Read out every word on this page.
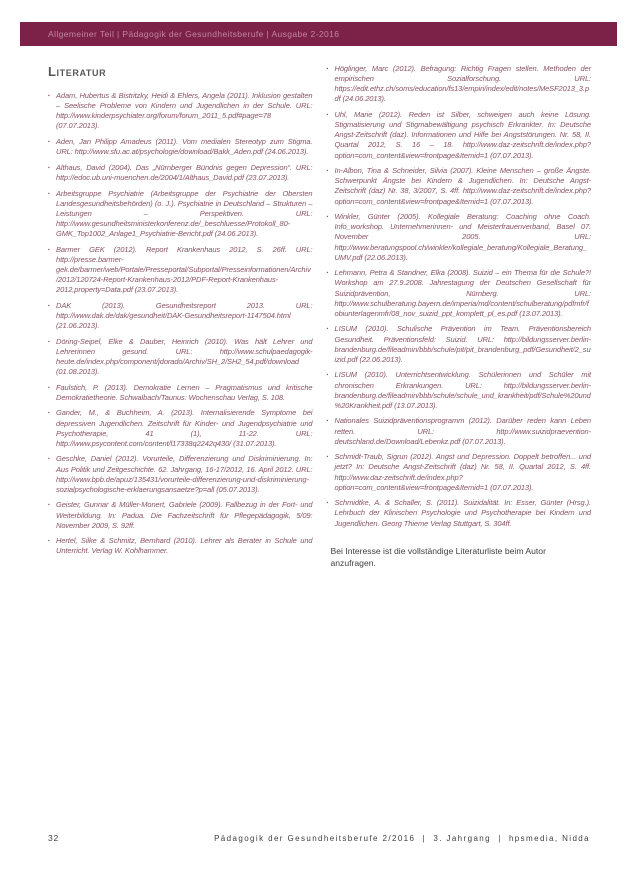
Allgemeiner Teil | Pädagogik der Gesundheitsberufe | Ausgabe 2-2016
Literatur
▪ Adam, Hubertus & Bistritzky, Heidi & Ehlers, Angela (2011). Inklusion gestalten – Seelische Probleme von Kindern und Jugendlichen in der Schule. URL: http://www.kinderpsychiater.org/forum/forum_2011_5.pdf#page=78 (07.07.2013).
▪ Aden, Jan Philipp Amadeus (2011). Vom medialen Stereotyp zum Stigma. URL: http://www.sfu.ac.at/psychologie/download/Bakk_Aden.pdf (24.06.2013).
▪ Althaus, David (2004). Das „Nürnberger Bündnis gegen Depression“. URL: http://edoc.ub.uni-muenchen.de/2004/1/Althaus_David.pdf (23.07.2013).
▪ Arbeitsgruppe Psychiatrie (Arbeitsgruppe der Psychiatrie der Obersten Landesgesundheitsbehörden) (o. J.). Psychiatrie in Deutschland – Strukturen – Leistungen – Perspektiven. URL: http://www.gesundheitsministerkonferenz.de/_beschluesse/Protokoll_80-GMK_Top1002_Anlage1_Psychiatrie-Bericht.pdf (24.06.2013).
▪ Barmer GEK (2012). Report Krankenhaus 2012, S. 26ff. URL: http://presse.barmer-gek.de/barmer/web/Portale/Presseportal/Subportal/Presseinformationen/Archiv/2012/120724-Report-Krankenhaus-2012/PDF-Report-Krankenhaus-2012,property=Data.pdf (23.07.2013).
▪ DAK (2013). Gesundheitsreport 2013. URL: http://www.dak.de/dak/gesundheit/DAK-Gesundheitsreport-1147504.html (21.06.2013).
▪ Döring-Seipel, Elke & Dauber, Heinrich (2010). Was hält Lehrer und Lehrerinnen gesund. URL: http://www.schulpaedagogik-heute.de/index.php/component/jdorado/Archiv/SH_2/SH2_54.pdf/download (01.08.2013).
▪ Faulstich, P. (2013). Demokratie Lernen – Pragmatismus und kritische Demokratietheorie. Schwalbach/Taunus: Wochenschau Verlag, S. 108.
▪ Gander, M., & Buchheim, A. (2013). Internalisierende Symptome bei depressiven Jugendlichen. Zeitschrift für Kinder- und Jugendpsychiatrie und Psychotherapie, 41 (1), 11-22. URL: http://www.psycontent.com/content/l17338q2242q430/ (31.07.2013).
▪ Geschke, Daniel (2012). Vorurteile, Differenzierung und Diskriminierung. In: Aus Politik und Zeitgeschichte. 62. Jahrgang, 16-17/2012, 16. April 2012. URL: http://www.bpb.de/apuz/135431/vorurteile-differenzierung-und-diskriminierung-sozialpsychologische-erklaerungsansaetze?p=all (05.07.2013).
▪ Geister, Gunnar & Müller-Monert, Gabriele (2009). Fallbezug in der Fort- und Weiterbildung. In: Padua. Die Fachzeitschrift für Pflegepädagogik, 5/09: November 2009, S. 92ff.
▪ Hertel, Silke & Schmitz, Bernhard (2010). Lehrer als Berater in Schule und Unterricht. Verlag W. Kohlhammer.
▪ Höglinger, Marc (2012). Befragung: Richtig Fragen stellen. Methoden der empirischen Sozialforschung. URL: https://edit.ethz.ch/soms/education/fs13/empiri/index/edit/notes/MeSF2013_3.pdf (24.06.2013).
▪ Uhl, Marie (2012). Reden ist Silber, schweigen auch keine Lösung. Stigmatisierung und Stigmabewältigung psychisch Erkrankter. In: Deutsche Angst-Zeitschrift (daz). Informationen und Hilfe bei Angststörungen. Nr. 58, II. Quartal 2012, S. 16 – 18. http://www.daz-zeitschrift.de/index.php?option=com_content&view=frontpage&Itemid=1 (07.07.2013).
▪ In-Albon, Tina & Schneider, Silvia (2007). Kleine Menschen – große Ängste. Schwerpunkt Ängste bei Kindern & Jugendlichen. In: Deutsche Angst-Zeitschrift (daz) Nr. 38, 3/2007, S. 4ff. http://www.daz-zeitschrift.de/index.php?option=com_content&view=frontpage&Itemid=1 (07.07.2013).
▪ Winkler, Günter (2005). Kollegiale Beratung: Coaching ohne Coach. Info_workshop. Unternehmerinnen- und Meisterfrauenverband, Basel 07. November 2005. URL: http://www.beratungspool.ch/winkler/kollegiale_beratung/Kollegiale_Beratung_UMV.pdf (22.06.2013).
▪ Lehmann, Petra & Standner, Elka (2008). Suizid – ein Thema für die Schule?! Workshop am 27.9.2008. Jahrestagung der Deutschen Gesellschaft für Suizidprävention, Nürnberg. URL: http://www.schulberatung.bayern.de/imperia/md/content/schulberatung/pdfmfr/fobiunterlagenmfr/08_nov_suizid_ppt_komplett_pl_es.pdf (13.07.2013).
▪ LISUM (2010). Schulische Prävention im Team. Präventionsbereich Gesundheit. Präventionsfeld: Suizid. URL: http://bildungsserver.berlin-brandenburg.de/fileadmin/bbb/schule/pit/pit_brandenburg_pdf/Gesundheit/2_suizid.pdf (22.06.2013).
▪ LISUM (2010). Unterrichtsentwicklung. Schülerinnen und Schüler mit chronischen Erkrankungen. URL: http://bildungsserver.berlin-brandenburg.de/fileadmin/bbb/schule/schule_und_krankheit/pdf/Schule%20und%20Krankheit.pdf (13.07.2013).
▪ Nationales Suizidpräventionsprogramm (2012). Darüber reden kann Leben retten. URL: http://www.suizidpraevention-deutschland.de/Download/Lebenkz.pdf (07.07.2013).
▪ Schmidt-Traub, Sigrun (2012). Angst und Depression. Doppelt betroffen... und jetzt? In: Deutsche Angst-Zeitschrift (daz) Nr. 58, II. Quartal 2012, S. 4ff. http://www.daz-zeitschrift.de/index.php?option=com_content&view=frontpage&Itemid=1 (07.07.2013).
▪ Schmidtke, A. & Schaller, S. (2011). Suizidalität. In: Esser, Günter (Hrsg.). Lehrbuch der Klinischen Psychologie und Psychotherapie bei Kindern und Jugendlichen. Georg Thieme Verlag Stuttgart, S. 304ff.

Bei Interesse ist die vollständige Literaturliste beim Autor anzufragen.

32	Pädagogik der Gesundheitsberufe 2/2016  |  3. Jahrgang  |  hpsmedia, Nidda
